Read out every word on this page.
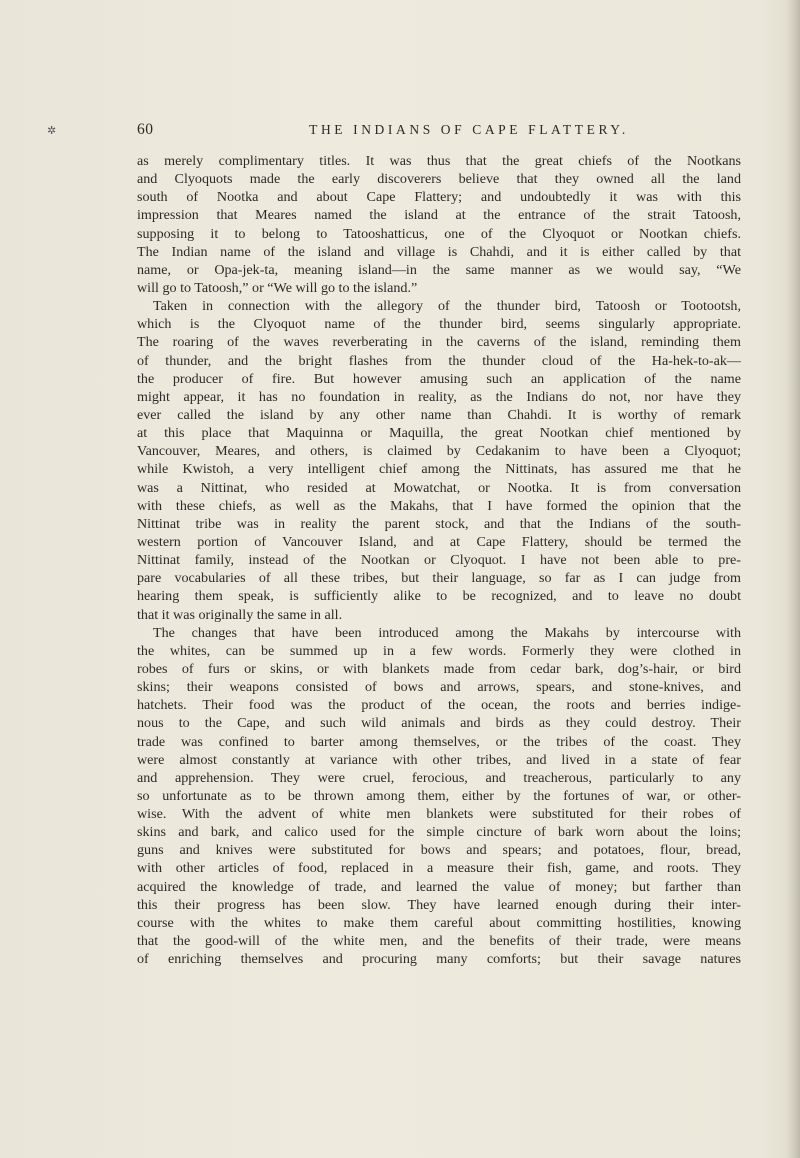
✲	60	THE INDIANS OF CAPE FLATTERY.
as merely complimentary titles. It was thus that the great chiefs of the Nootkans
and Clyoquots made the early discoverers believe that they owned all the land
south of Nootka and about Cape Flattery; and undoubtedly it was with this
impression that Meares named the island at the entrance of the strait Tatoosh,
supposing it to belong to Tatooshatticus, one of the Clyoquot or Nootkan chiefs.
The Indian name of the island and village is Chahdi, and it is either called by that
name, or Opa-jek-ta, meaning island—in the same manner as we would say, “We
will go to Tatoosh,” or “We will go to the island.”
Taken in connection with the allegory of the thunder bird, Tatoosh or Tootootsh,
which is the Clyoquot name of the thunder bird, seems singularly appropriate.
The roaring of the waves reverberating in the caverns of the island, reminding them
of thunder, and the bright flashes from the thunder cloud of the Ha-hek-to-ak—
the producer of fire. But however amusing such an application of the name
might appear, it has no foundation in reality, as the Indians do not, nor have they
ever called the island by any other name than Chahdi. It is worthy of remark
at this place that Maquinna or Maquilla, the great Nootkan chief mentioned by
Vancouver, Meares, and others, is claimed by Cedakanim to have been a Clyoquot;
while Kwistoh, a very intelligent chief among the Nittinats, has assured me that he
was a Nittinat, who resided at Mowatchat, or Nootka. It is from conversation
with these chiefs, as well as the Makahs, that I have formed the opinion that the
Nittinat tribe was in reality the parent stock, and that the Indians of the south-
western portion of Vancouver Island, and at Cape Flattery, should be termed the
Nittinat family, instead of the Nootkan or Clyoquot. I have not been able to pre-
pare vocabularies of all these tribes, but their language, so far as I can judge from
hearing them speak, is sufficiently alike to be recognized, and to leave no doubt
that it was originally the same in all.
The changes that have been introduced among the Makahs by intercourse with
the whites, can be summed up in a few words. Formerly they were clothed in
robes of furs or skins, or with blankets made from cedar bark, dog’s-hair, or bird
skins; their weapons consisted of bows and arrows, spears, and stone-knives, and
hatchets. Their food was the product of the ocean, the roots and berries indige-
nous to the Cape, and such wild animals and birds as they could destroy. Their
trade was confined to barter among themselves, or the tribes of the coast. They
were almost constantly at variance with other tribes, and lived in a state of fear
and apprehension. They were cruel, ferocious, and treacherous, particularly to any
so unfortunate as to be thrown among them, either by the fortunes of war, or other-
wise. With the advent of white men blankets were substituted for their robes of
skins and bark, and calico used for the simple cincture of bark worn about the loins;
guns and knives were substituted for bows and spears; and potatoes, flour, bread,
with other articles of food, replaced in a measure their fish, game, and roots. They
acquired the knowledge of trade, and learned the value of money; but farther than
this their progress has been slow. They have learned enough during their inter-
course with the whites to make them careful about committing hostilities, knowing
that the good-will of the white men, and the benefits of their trade, were means
of enriching themselves and procuring many comforts; but their savage natures
